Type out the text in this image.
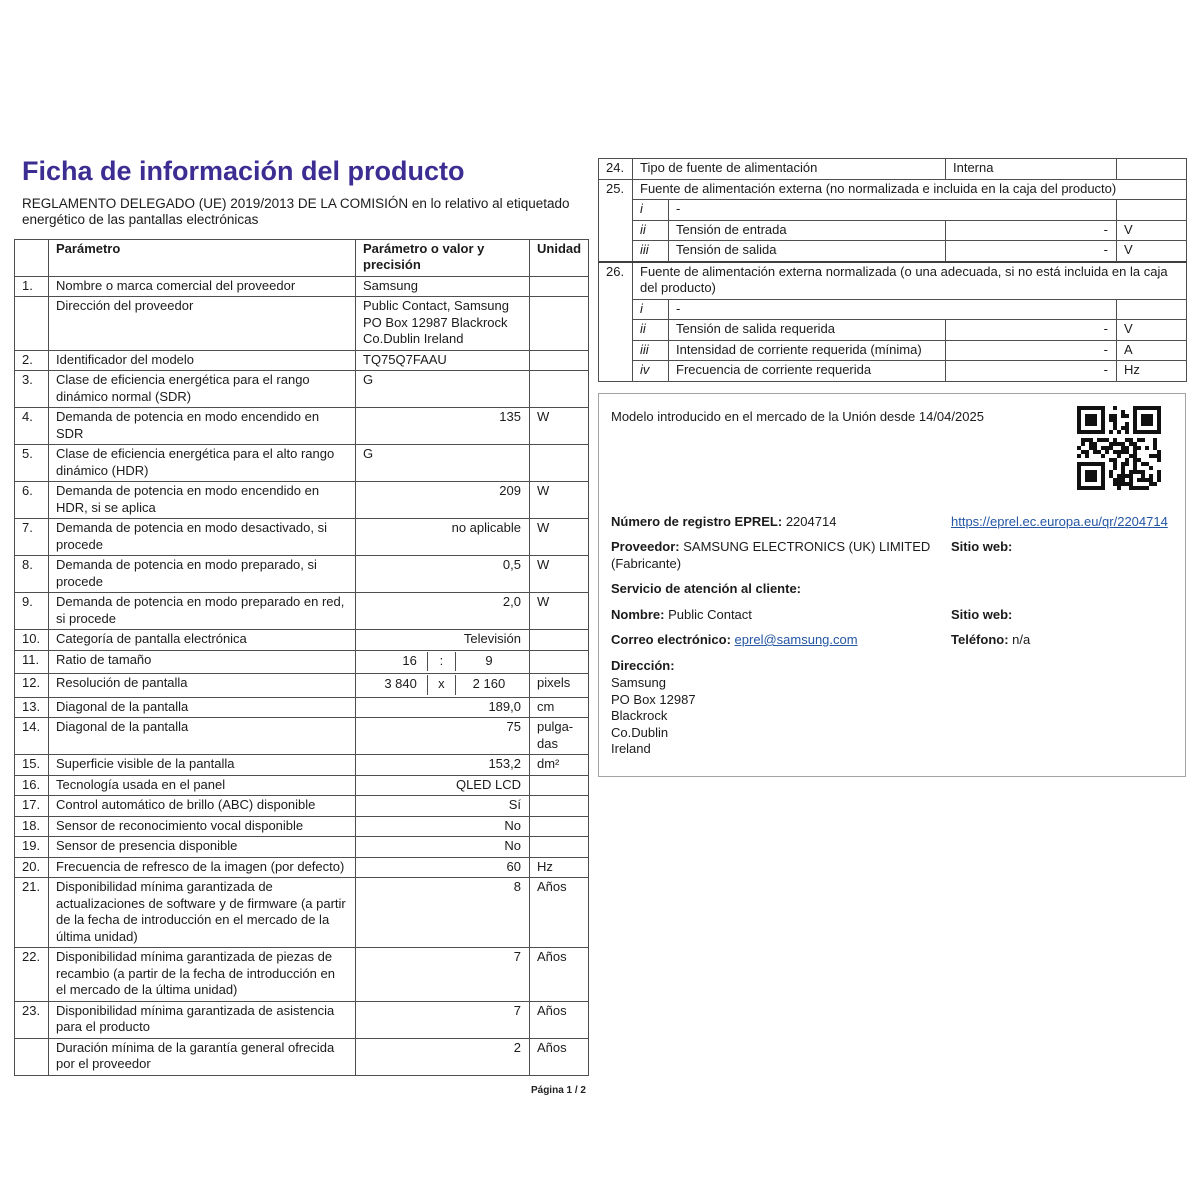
Ficha de información del producto

REGLAMENTO DELEGADO (UE) 2019/2013 DE LA COMISIÓN en lo relativo al etiquetado energético de las pantallas electrónicas

	Parámetro	Parámetro o valor y precisión	Unidad
1.	Nombre o marca comercial del proveedor	Samsung	
	Dirección del proveedor	Public Contact, Samsung
PO Box 12987 Blackrock
Co.Dublin Ireland	
2.	Identificador del modelo	TQ75Q7FAAU	
3.	Clase de eficiencia energética para el rango dinámico normal (SDR)	G	
4.	Demanda de potencia en modo encendido en SDR	135	W
5.	Clase de eficiencia energética para el alto rango dinámico (HDR)	G	
6.	Demanda de potencia en modo encendido en HDR, si se aplica	209	W
7.	Demanda de potencia en modo desactivado, si procede	no aplicable	W
8.	Demanda de potencia en modo preparado, si procede	0,5	W
9.	Demanda de potencia en modo preparado en red, si procede	2,0	W
10.	Categoría de pantalla electrónica	Televisión	
11.	Ratio de tamaño	16 : 9	

12.	Resolución de pantalla	3 840 x 2 160	pixels
13.	Diagonal de la pantalla	189,0	cm
14.	Diagonal de la pantalla	75	pulga-
das
15.	Superficie visible de la pantalla	153,2	dm²
16.	Tecnología usada en el panel	QLED LCD	
17.	Control automático de brillo (ABC) disponible	Sí	
18.	Sensor de reconocimiento vocal disponible	No	
19.	Sensor de presencia disponible	No	
20.	Frecuencia de refresco de la imagen (por defecto)	60	Hz
21.	Disponibilidad mínima garantizada de actualizaciones de software y de firmware (a partir de la fecha de introducción en el mercado de la última unidad)	8	Años
22.	Disponibilidad mínima garantizada de piezas de recambio (a partir de la fecha de introducción en el mercado de la última unidad)	7	Años
23.	Disponibilidad mínima garantizada de asistencia para el producto	7	Años
	Duración mínima de la garantía general ofrecida por el proveedor	2	Años
Página 1 / 2
24.	Tipo de fuente de alimentación		Interna	
25.	Fuente de alimentación externa (no normalizada e incluida en la caja del producto)			
	i	-		
	ii	Tensión de entrada	-	V
	iii	Tensión de salida	-	V
26.	Fuente de alimentación externa normalizada (o una adecuada, si no está incluida en la caja del producto)			
	i	-		
	ii	Tensión de salida requerida	-	V
	iii	Intensidad de corriente requerida (mínima)	-	A
	iv	Frecuencia de corriente requerida	-	Hz
Modelo introducido en el mercado de la Unión desde 14/04/2025
Número de registro EPREL: 2204714	https://eprel.ec.europa.eu/qr/2204714
Proveedor: SAMSUNG ELECTRONICS (UK) LIMITED (Fabricante)
Sitio web:
Servicio de atención al cliente:
Nombre: Public Contact	Sitio web:
Correo electrónico: eprel@samsung.com	Teléfono: n/a
Dirección:
Samsung
PO Box 12987
Blackrock
Co.Dublin
Ireland
